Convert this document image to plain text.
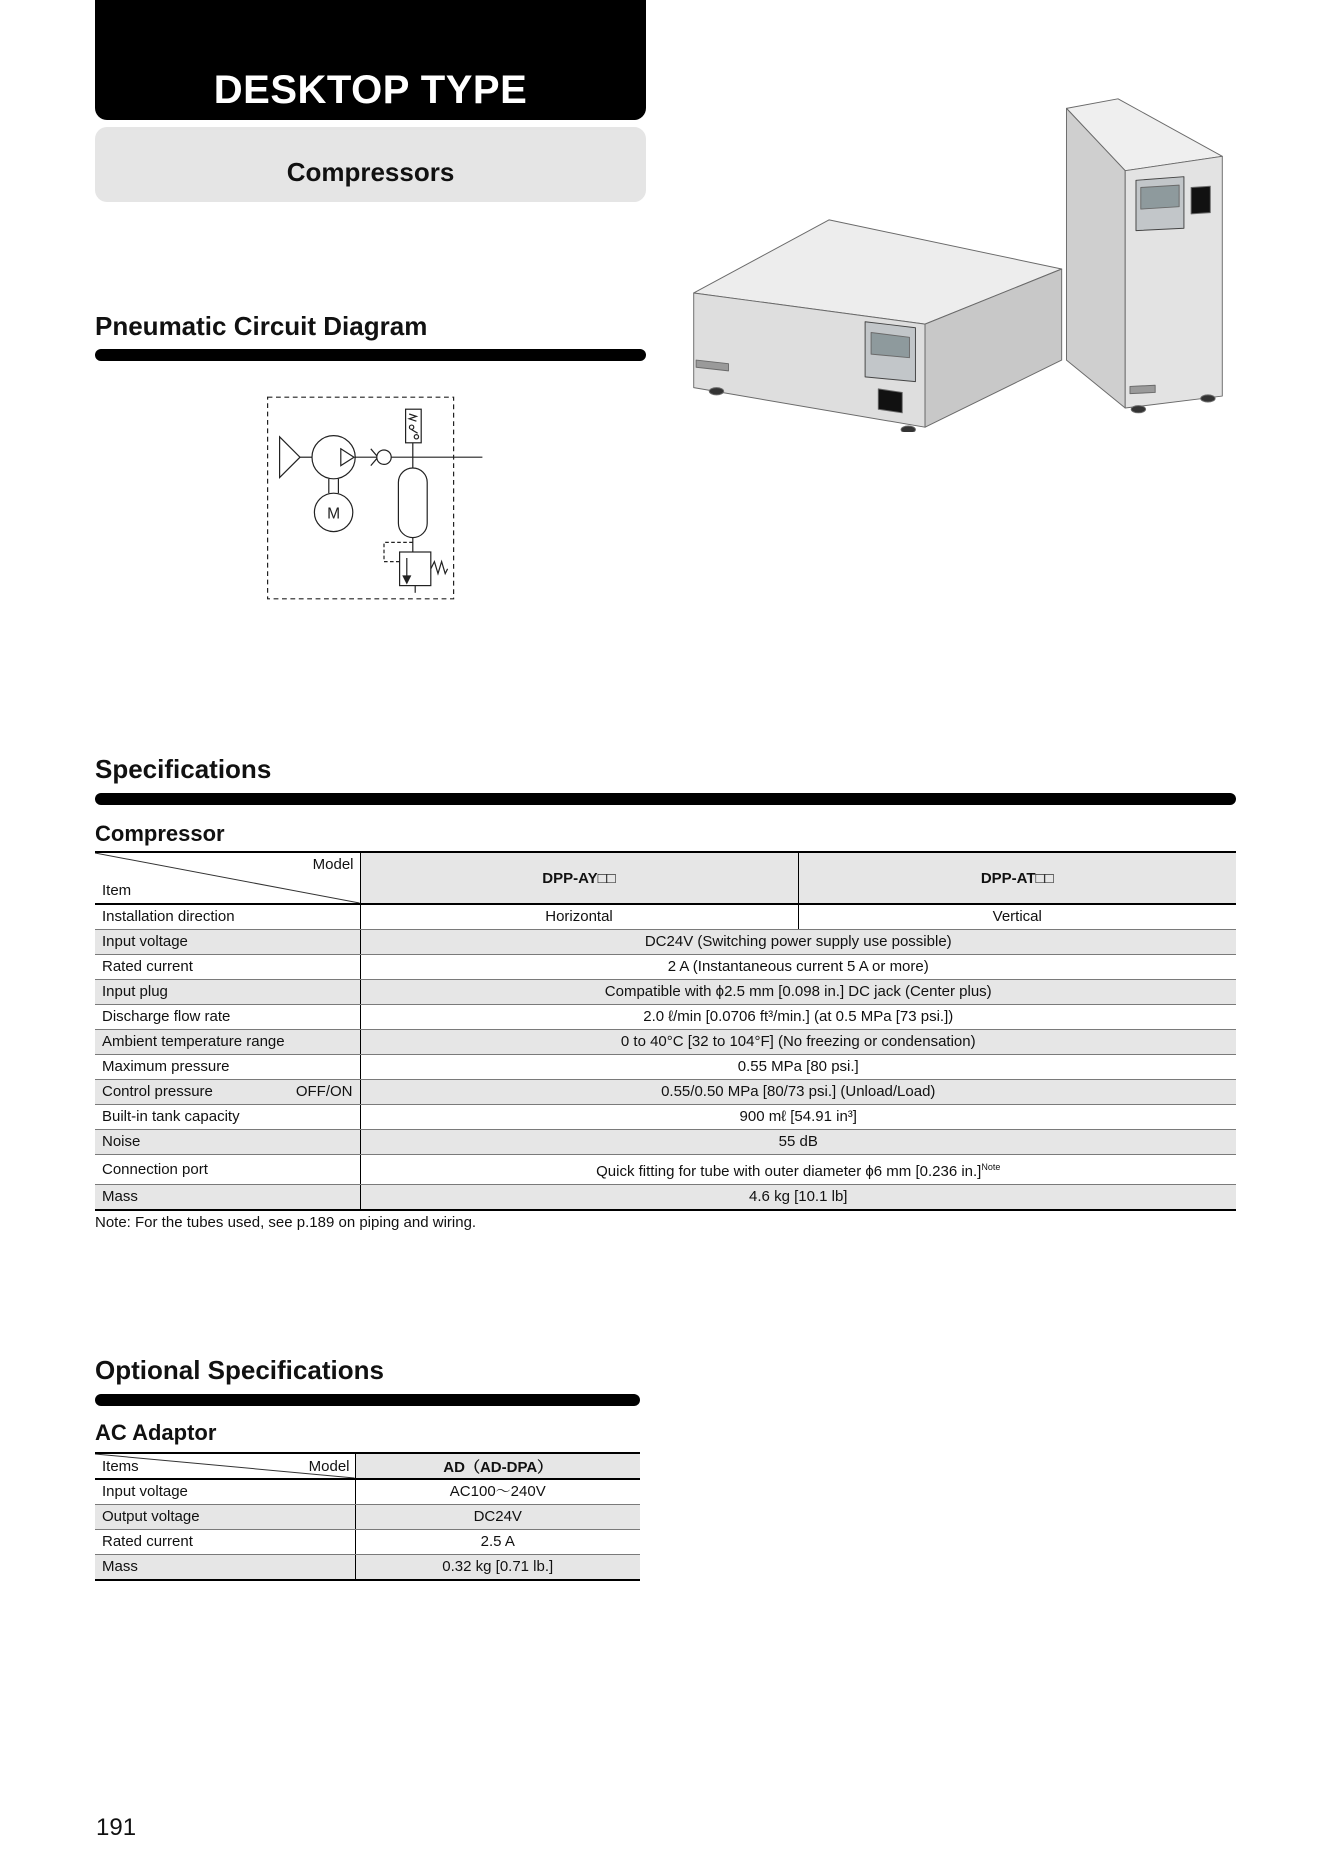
DESKTOP TYPE
Compressors
Pneumatic Circuit Diagram
M
Specifications
Compressor
Model
Item	DPP-AY□□	DPP-AT□□
Installation direction	Horizontal	Vertical
Input voltage	DC24V (Switching power supply use possible)	
Rated current	2 A (Instantaneous current 5 A or more)	
Input plug	Compatible with ϕ2.5 mm [0.098 in.] DC jack (Center plus)	
Discharge flow rate	2.0 ℓ/min [0.0706 ft³/min.] (at 0.5 MPa [73 psi.])	
Ambient temperature range	0 to 40°C [32 to 104°F] (No freezing or condensation)	
Maximum pressure	0.55 MPa [80 psi.]	

Control pressure OFF/ON	0.55/0.50 MPa [80/73 psi.] (Unload/Load)	
Built-in tank capacity	900 mℓ [54.91 in³]	
Noise	55 dB	
Connection port	Quick fitting for tube with outer diameter ϕ6 mm [0.236 in.]$^{Note}$
Mass	4.6 kg [10.1 lb]	
Note: For the tubes used, see p.189 on piping and wiring.
Optional Specifications
AC Adaptor
Items Model	AD（AD-DPA）
Input voltage	AC100～240V
Output voltage	DC24V
Rated current	2.5 A
Mass	0.32 kg [0.71 lb.]
191
